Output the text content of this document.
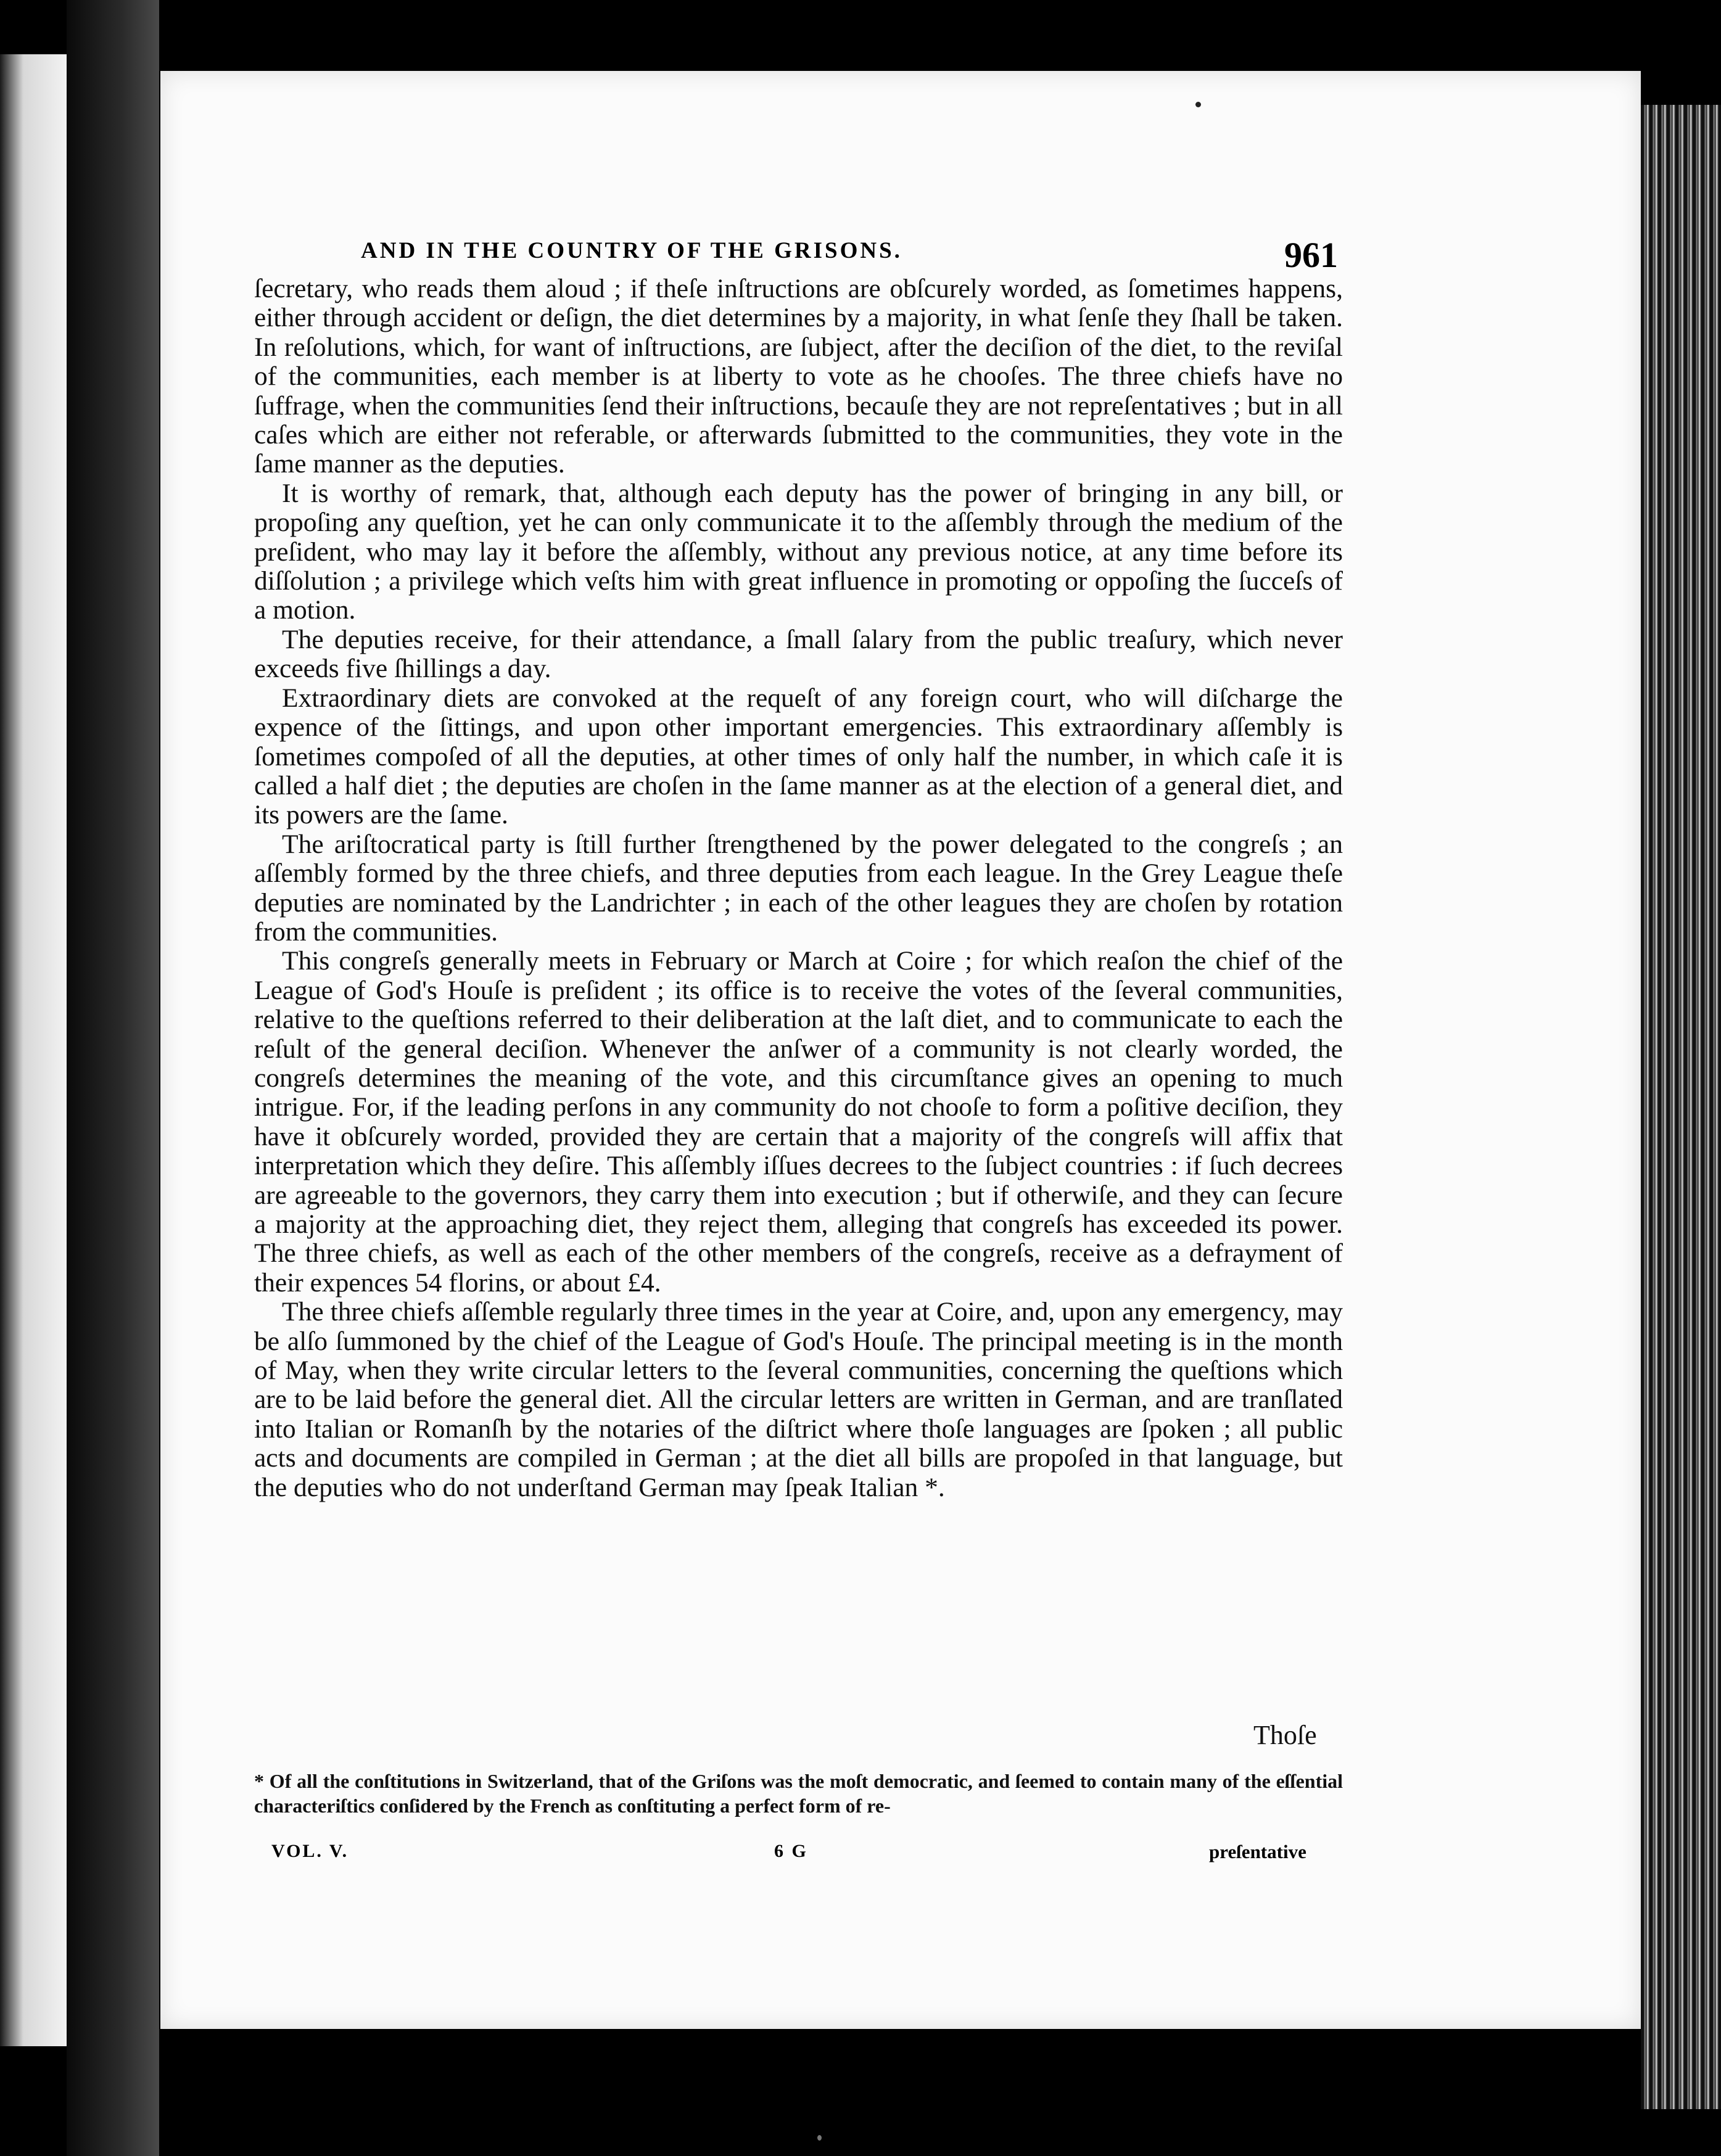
AND IN THE COUNTRY OF THE GRISONS.	961

ſecretary, who reads them aloud ; if theſe inſtructions are obſcurely worded, as ſometimes happens, either through accident or deſign, the diet determines by a majority, in what ſenſe they ſhall be taken. In reſolutions, which, for want of inſtructions, are ſubject, after the deciſion of the diet, to the reviſal of the communities, each member is at liberty to vote as he chooſes. The three chiefs have no ſuffrage, when the communities ſend their inſtructions, becauſe they are not repreſentatives ; but in all caſes which are either not referable, or afterwards ſubmitted to the communities, they vote in the ſame manner as the deputies.

It is worthy of remark, that, although each deputy has the power of bringing in any bill, or propoſing any queſtion, yet he can only communicate it to the aſſembly through the medium of the preſident, who may lay it before the aſſembly, without any previous notice, at any time before its diſſolution ; a privilege which veſts him with great influence in promoting or oppoſing the ſucceſs of a motion.

The deputies receive, for their attendance, a ſmall ſalary from the public treaſury, which never exceeds five ſhillings a day.

Extraordinary diets are convoked at the requeſt of any foreign court, who will diſcharge the expence of the ſittings, and upon other important emergencies. This extraordinary aſſembly is ſometimes compoſed of all the deputies, at other times of only half the number, in which caſe it is called a half diet ; the deputies are choſen in the ſame manner as at the election of a general diet, and its powers are the ſame.

The ariſtocratical party is ſtill further ſtrengthened by the power delegated to the congreſs ; an aſſembly formed by the three chiefs, and three deputies from each league. In the Grey League theſe deputies are nominated by the Landrichter ; in each of the other leagues they are choſen by rotation from the communities.

This congreſs generally meets in February or March at Coire ; for which reaſon the chief of the League of God's Houſe is preſident ; its office is to receive the votes of the ſeveral communities, relative to the queſtions referred to their deliberation at the laſt diet, and to communicate to each the reſult of the general deciſion. Whenever the anſwer of a community is not clearly worded, the congreſs determines the meaning of the vote, and this circumſtance gives an opening to much intrigue. For, if the leading perſons in any community do not chooſe to form a poſitive deciſion, they have it obſcurely worded, provided they are certain that a majority of the congreſs will affix that interpretation which they deſire. This aſſembly iſſues decrees to the ſubject countries : if ſuch decrees are agreeable to the governors, they carry them into execution ; but if otherwiſe, and they can ſecure a majority at the approaching diet, they reject them, alleging that congreſs has exceeded its power. The three chiefs, as well as each of the other members of the congreſs, receive as a defrayment of their expences 54 florins, or about £4.

The three chiefs aſſemble regularly three times in the year at Coire, and, upon any emergency, may be alſo ſummoned by the chief of the League of God's Houſe. The principal meeting is in the month of May, when they write circular letters to the ſeveral communities, concerning the queſtions which are to be laid before the general diet. All the circular letters are written in German, and are tranſlated into Italian or Romanſh by the notaries of the diſtrict where thoſe languages are ſpoken ; all public acts and documents are compiled in German ; at the diet all bills are propoſed in that language, but the deputies who do not underſtand German may ſpeak Italian *.

Thoſe
* Of all the conſtitutions in Switzerland, that of the Griſons was the moſt democratic, and ſeemed to contain many of the eſſential characteriſtics conſidered by the French as conſtituting a perfect form of re-
VOL. V.	6 G	preſentative
